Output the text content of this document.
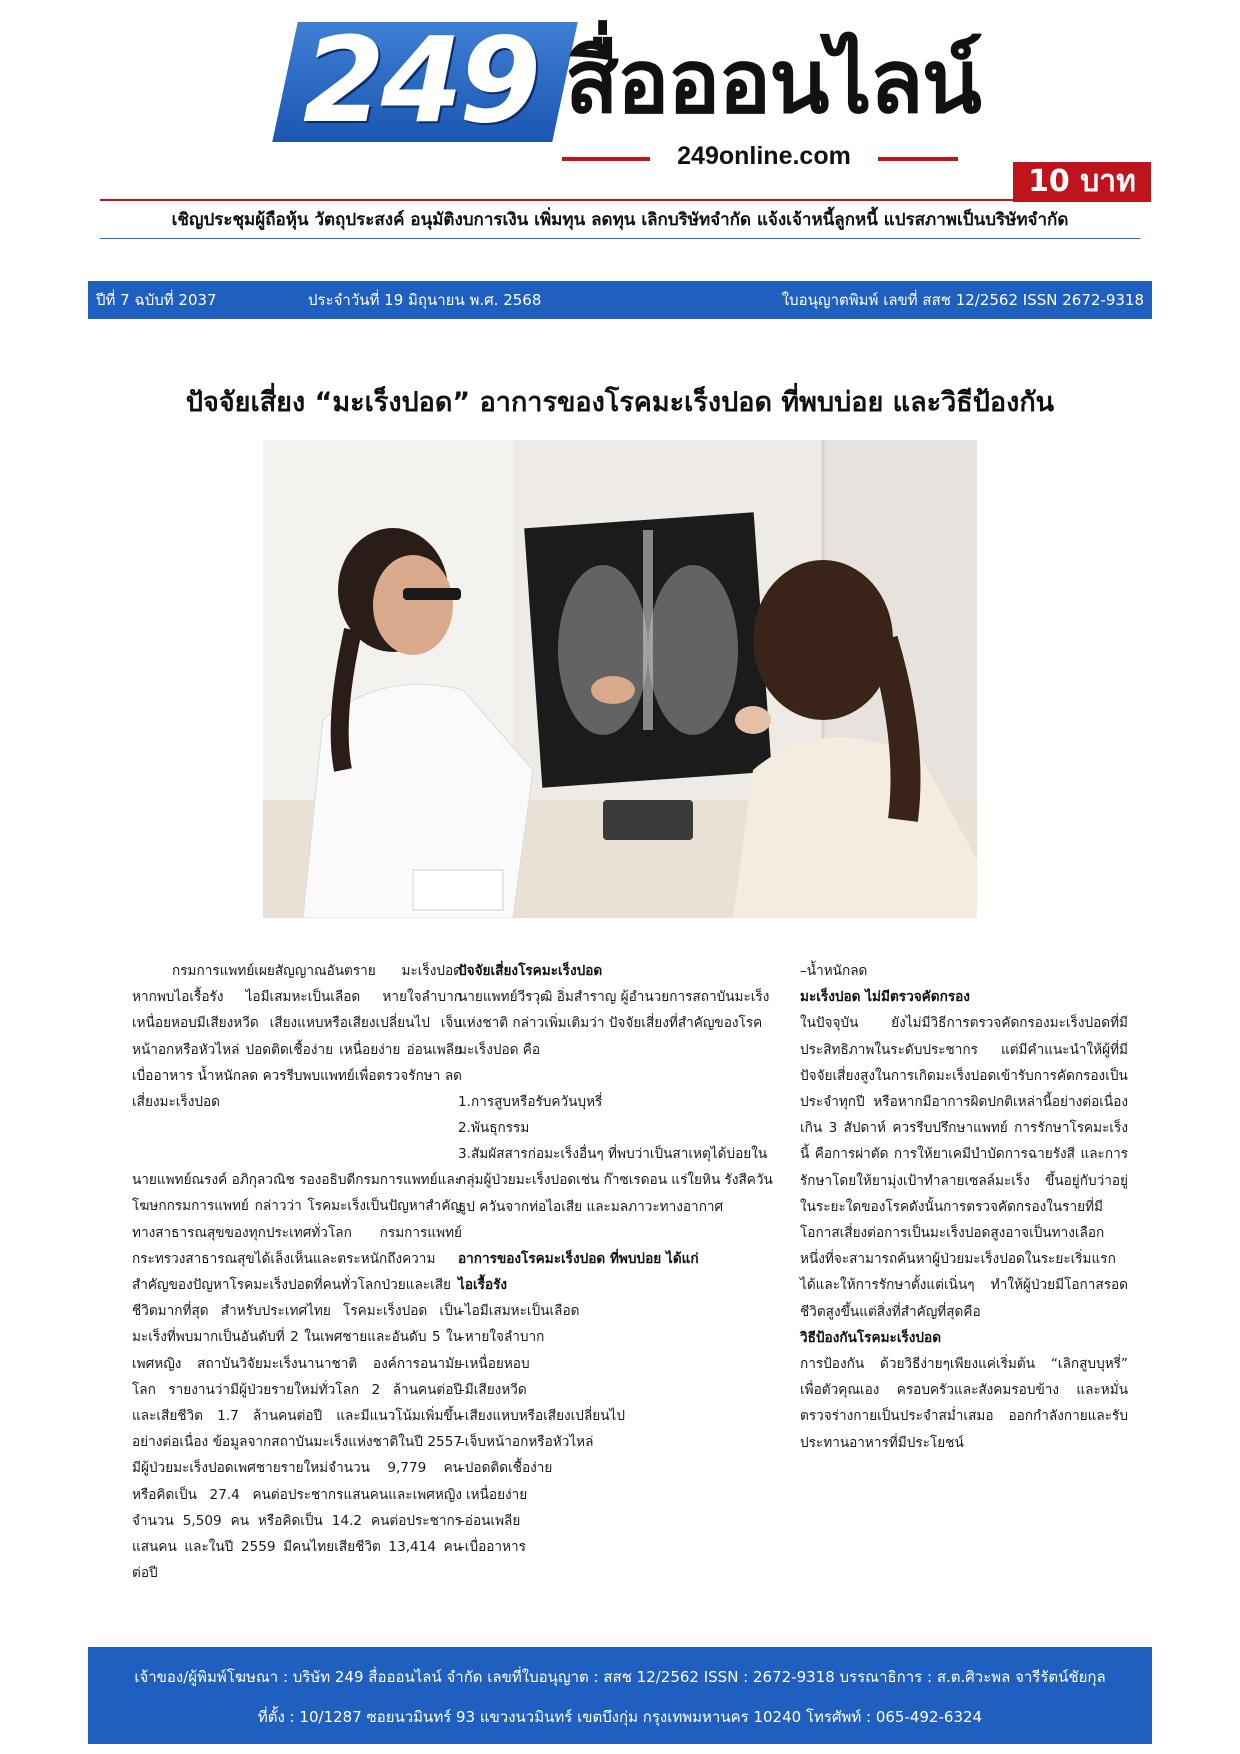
249 สื่อออนไลน์
249online.com
10 บาท
เชิญประชุมผู้ถือหุ้น วัตถุประสงค์ อนุมัติงบการเงิน เพิ่มทุน ลดทุน เลิกบริษัทจำกัด แจ้งเจ้าหนี้ลูกหนี้ แปรสภาพเป็นบริษัทจำกัด
ปีที่ 7 ฉบับที่ 2037	ประจำวันที่ 19 มิถุนายน พ.ศ. 2568	ใบอนุญาตพิมพ์ เลขที่ สสช 12/2562 ISSN 2672-9318
ปัจจัยเสี่ยง “มะเร็งปอด” อาการของโรคมะเร็งปอด ที่พบบ่อย และวิธีป้องกัน

กรมการแพทย์เผยสัญญาณอันตราย มะเร็งปอด หากพบไอเรื้อรัง ไอมีเสมหะเป็นเลือด หายใจลำบาก เหนื่อยหอบมีเสียงหวีด เสียงแหบหรือเสียงเปลี่ยนไป เจ็บหน้าอกหรือหัวไหล่ ปอดติดเชื้อง่าย เหนื่อยง่าย อ่อนเพลีย เบื่ออาหาร น้ำหนักลด ควรรีบพบแพทย์เพื่อตรวจรักษา ลดเสี่ยงมะเร็งปอด

นายแพทย์ณรงค์ อภิกุลวณิช รองอธิบดีกรมการแพทย์และโฆษกกรมการแพทย์ กล่าวว่า โรคมะเร็งเป็นปัญหาสำคัญ ทางสาธารณสุขของทุกประเทศทั่วโลก กรมการแพทย์ กระทรวงสาธารณสุขได้เล็งเห็นและตระหนักถึงความสำคัญของปัญหาโรคมะเร็งปอดที่คนทั่วโลกป่วยและเสียชีวิตมากที่สุด สำหรับประเทศไทย โรคมะเร็งปอด เป็นมะเร็งที่พบมากเป็นอันดับที่ 2 ในเพศชายและอันดับ 5 ในเพศหญิง สถาบันวิจัยมะเร็งนานาชาติ องค์การอนามัยโลก รายงานว่ามีผู้ป่วยรายใหม่ทั่วโลก 2 ล้านคนต่อปี และเสียชีวิต 1.7 ล้านคนต่อปี และมีแนวโน้มเพิ่มขึ้นอย่างต่อเนื่อง ข้อมูลจากสถาบันมะเร็งแห่งชาติในปี 2557 มีผู้ป่วยมะเร็งปอดเพศชายรายใหม่จำนวน 9,779 คน หรือคิดเป็น 27.4 คนต่อประชากรแสนคนและเพศหญิงจำนวน 5,509 คน หรือคิดเป็น 14.2 คนต่อประชากรแสนคน และในปี 2559 มีคนไทยเสียชีวิต 13,414 คนต่อปี

ปัจจัยเสี่ยงโรคมะเร็งปอด

นายแพทย์วีรวุฒิ อิ่มสำราญ ผู้อำนวยการสถาบันมะเร็งแห่งชาติ กล่าวเพิ่มเติมว่า ปัจจัยเสี่ยงที่สำคัญของโรคมะเร็งปอด คือ

1.การสูบหรือรับควันบุหรี่

2.พันธุกรรม

3.สัมผัสสารก่อมะเร็งอื่นๆ ที่พบว่าเป็นสาเหตุได้บ่อยในกลุ่มผู้ป่วยมะเร็งปอดเช่น ก๊าซเรดอน แร่ใยหิน รังสีควันธูป ควันจากท่อไอเสีย และมลภาวะทางอากาศ

อาการของโรคมะเร็งปอด ที่พบบ่อย ได้แก่

ไอเรื้อรัง

–ไอมีเสมหะเป็นเลือด

–หายใจลำบาก

–เหนื่อยหอบ

–มีเสียงหวีด

–เสียงแหบหรือเสียงเปลี่ยนไป

–เจ็บหน้าอกหรือหัวไหล่

–ปอดติดเชื้อง่าย

เหนื่อยง่าย

–อ่อนเพลีย

–เบื่ออาหาร

–น้ำหนักลด

มะเร็งปอด ไม่มีตรวจคัดกรอง

ในปัจจุบัน ยังไม่มีวิธีการตรวจคัดกรองมะเร็งปอดที่มีประสิทธิภาพในระดับประชากร แต่มีคำแนะนำให้ผู้ที่มีปัจจัยเสี่ยงสูงในการเกิดมะเร็งปอดเข้ารับการคัดกรองเป็นประจำทุกปี หรือหากมีอาการผิดปกติเหล่านี้อย่างต่อเนื่องเกิน 3 สัปดาห์ ควรรีบปรึกษาแพทย์ การรักษาโรคมะเร็งนี้ คือการผ่าตัด การให้ยาเคมีบำบัดการฉายรังสี และการรักษาโดยให้ยามุ่งเป้าทำลายเซลล์มะเร็ง ขึ้นอยู่กับว่าอยู่ในระยะใดของโรคดังนั้นการตรวจคัดกรองในรายที่มีโอกาสเสี่ยงต่อการเป็นมะเร็งปอดสูงอาจเป็นทางเลือกหนึ่งที่จะสามารถค้นหาผู้ป่วยมะเร็งปอดในระยะเริ่มแรกได้และให้การรักษาตั้งแต่เนิ่นๆ ทำให้ผู้ป่วยมีโอกาสรอดชีวิตสูงขึ้นแต่สิ่งที่สำคัญที่สุดคือ

วิธีป้องกันโรคมะเร็งปอด

การป้องกัน ด้วยวิธีง่ายๆเพียงแค่เริ่มต้น “เลิกสูบบุหรี่” เพื่อตัวคุณเอง ครอบครัวและสังคมรอบข้าง และหมั่นตรวจร่างกายเป็นประจำสม่ำเสมอ ออกกำลังกายและรับประทานอาหารที่มีประโยชน์

เจ้าของ/ผู้พิมพ์โฆษณา : บริษัท 249 สื่อออนไลน์ จำกัด เลขที่ใบอนุญาต : สสช 12/2562 ISSN : 2672-9318 บรรณาธิการ : ส.ต.ศิวะพล จารีรัตน์ชัยกุล
ที่ตั้ง : 10/1287 ซอยนวมินทร์ 93 แขวงนวมินทร์ เขตบึงกุ่ม กรุงเทพมหานคร 10240 โทรศัพท์ : 065-492-6324
